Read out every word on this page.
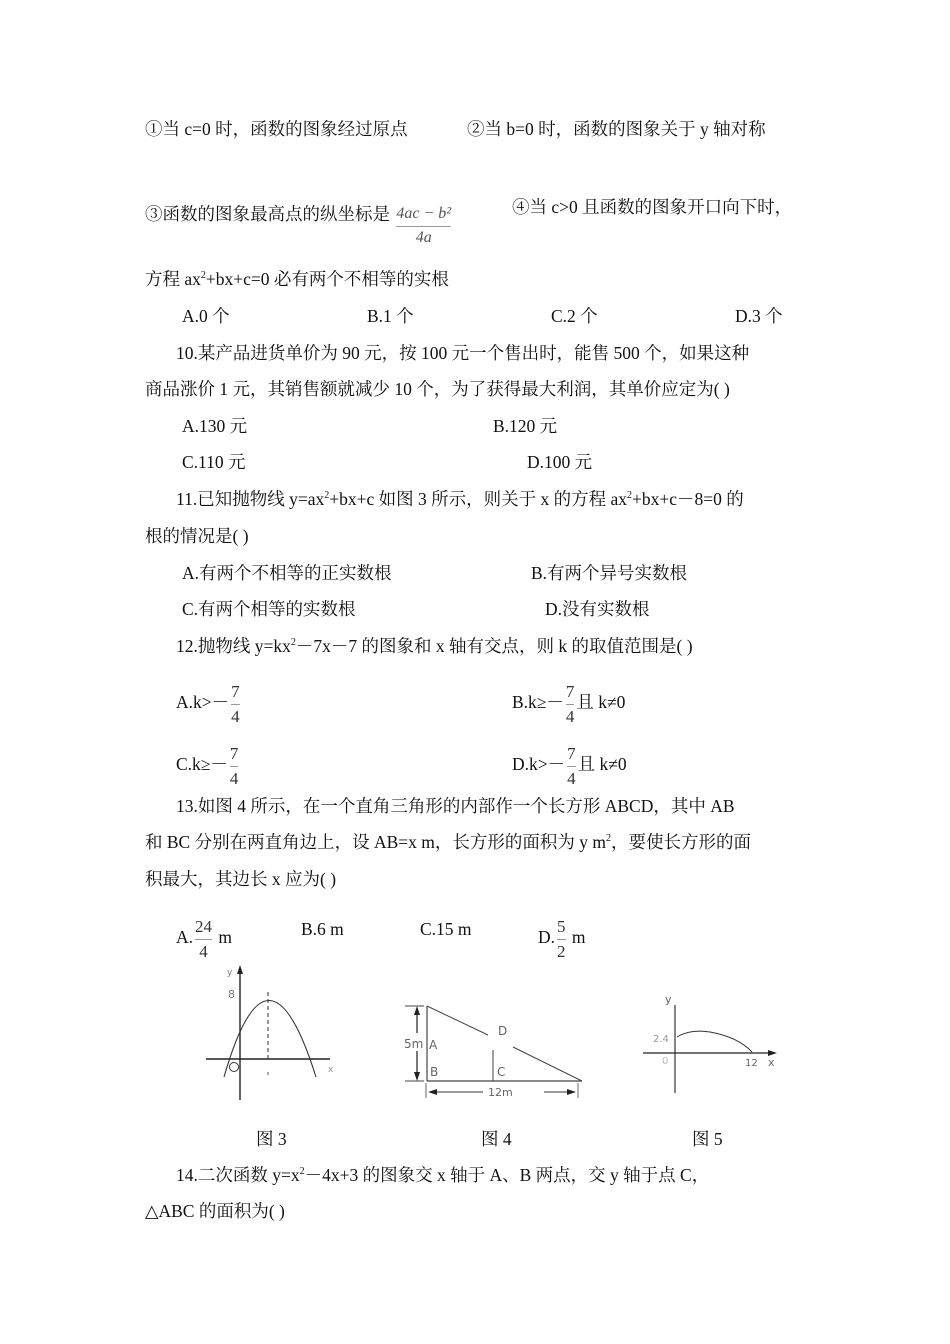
①当 c=0 时，函数的图象经过原点	②当 b=0 时，函数的图象关于 y 轴对称
③函数的图象最高点的纵坐标是 $\frac{\text{4ac − b²}}{4a}$	④当 c>0 且函数的图象开口向下时，
方程 $ax^2+bx+c=0$ 必有两个不相等的实根
A.0 个	B.1 个	C.2 个	D.3 个
10.某产品进货单价为 90 元，按 100 元一个售出时，能售 500 个，如果这种
商品涨价 1 元，其销售额就减少 10 个，为了获得最大利润，其单价应定为( )
A.130 元	B.120 元
C.110 元	D.100 元
11.已知抛物线 $y=ax^2+bx+c$ 如图 3 所示，则关于 x 的方程 $ax^2+bx+c-8=0$ 的
根的情况是( )
A.有两个不相等的正实数根	B.有两个异号实数根
C.有两个相等的实数根	D.没有实数根
12.抛物线 $y=kx^2-7x-7$ 的图象和 x 轴有交点，则 k 的取值范围是( )
$A.k>- \frac{7}{4}$	$B.k\ge- \frac{7}{4}$ 且 k≠0
$C.k\ge- \frac{7}{4}$	$D.k>- \frac{7}{4}$ 且 k≠0
13.如图 4 所示，在一个直角三角形的内部作一个长方形 ABCD，其中 AB
和 BC 分别在两直角边上，设 AB=x m，长方形的面积为 y $m^2$，要使长方形的面
积最大，其边长 x 应为( )
A. $\frac{24}{4}$ m	B.6 m	C.15 m	D. $\frac{5}{2}$ m
y
8
x
图 3
5m A
B	C
D
12m
图 4
y
2.4
0	12 x
图 5
14.二次函数 $y=x^2-4x+3$ 的图象交 x 轴于 A、B 两点，交 y 轴于点 C，
△ABC 的面积为( )
